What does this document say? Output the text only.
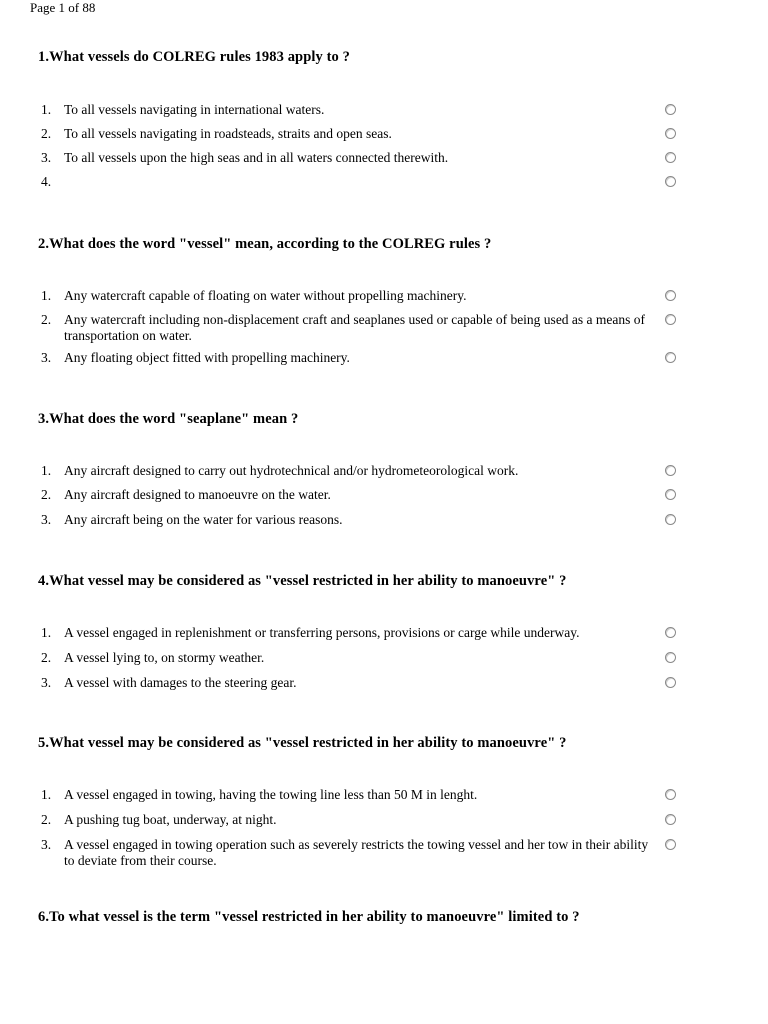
Page 1 of 88
1.What vessels do COLREG rules 1983 apply to ?
1. To all vessels navigating in international waters.
2. To all vessels navigating in roadsteads, straits and open seas.
3. To all vessels upon the high seas and in all waters connected therewith.
4.
2.What does the word "vessel" mean, according to the COLREG rules ?
1. Any watercraft capable of floating on water without propelling machinery.
2. Any watercraft including non-displacement craft and seaplanes used or capable of being used as a means of transportation on water.
3. Any floating object fitted with propelling machinery.
3.What does the word "seaplane" mean ?
1. Any aircraft designed to carry out hydrotechnical and/or hydrometeorological work.
2. Any aircraft designed to manoeuvre on the water.
3. Any aircraft being on the water for various reasons.
4.What vessel may be considered as "vessel restricted in her ability to manoeuvre" ?
1. A vessel engaged in replenishment or transferring persons, provisions or carge while underway.
2. A vessel lying to, on stormy weather.
3. A vessel with damages to the steering gear.
5.What vessel may be considered as "vessel restricted in her ability to manoeuvre" ?
1. A vessel engaged in towing, having the towing line less than 50 M in lenght.
2. A pushing tug boat, underway, at night.
3. A vessel engaged in towing operation such as severely restricts the towing vessel and her tow in their ability to deviate from their course.
6.To what vessel is the term "vessel restricted in her ability to manoeuvre" limited to ?
